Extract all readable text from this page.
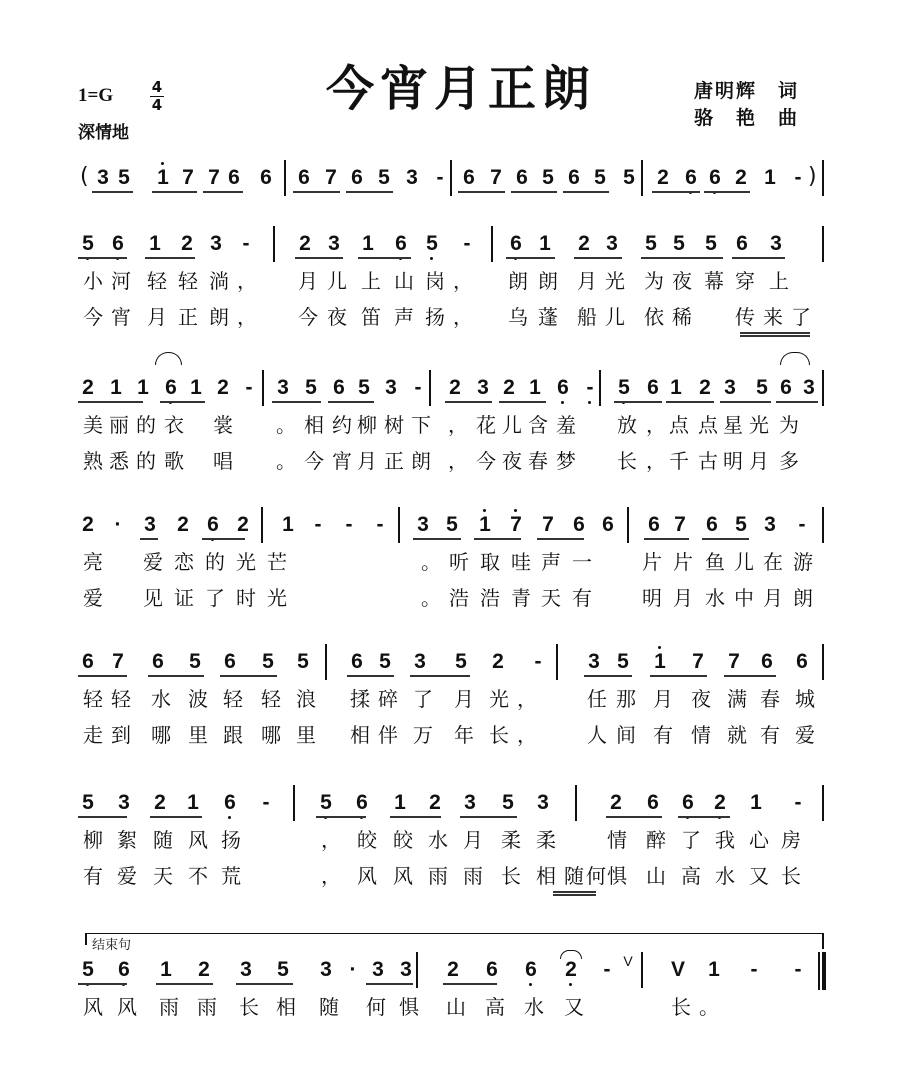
今宵月正朗
1=G	4
4
深情地
唐明辉　词
骆　艳　曲
3 5 1 7 7 6 6 6 7 6 5 3 - 6 7 6 5 6 5 5 2 6 6 2 1 -
(	)
5 6 1 2 3 - 2 3 1 6 5 - 6 1 2 3 5 5 5 6 3
小 河 轻 轻 淌 ， 月 儿 上 山 岗 ， 朗 朗 月 光 为 夜 幕 穿 上
今 宵 月 正 朗 ， 今 夜 笛 声 扬 ， 乌 蓬 船 儿 依 稀 传 来 了
2 1 1 6 1 2 - 3 5 6 5 3 - 2 3 2 1 6 - 5 6 1 2 3 5 6 3
美 丽 的 衣 裳 。 相 约 柳 树 下 ， 花 儿 含 羞 放 ， 点 点 星 光 为
熟 悉 的 歌 唱 。 今 宵 月 正 朗 ， 今 夜 春 梦 长 ， 千 古 明 月 多
2 · 3 2 6 2 1 - - - 3 5 1 7 7 6 6 6 7 6 5 3 -
亮 爱 恋 的 光 芒	。 听 取 哇 声 一	片 片 鱼 儿 在 游
爱 见 证 了 时 光	。 浩 浩 青 天 有	明 月 水 中 月 朗
6 7 6 5 6 5 5 6 5 3 5 2 - 3 5 1 7 7 6 6
轻 轻 水 波 轻 轻 浪 揉 碎 了 月 光 ，	任 那 月 夜 满 春 城
走 到 哪 里 跟 哪 里 相 伴 万 年 长 ，	人 间 有 情 就 有 爱
5 3 2 1 6 - 5 6 1 2 3 5 3	2 6 6 2 1 -
柳 絮 随 风 扬	， 皎 皎 水 月 柔 柔	情 醉 了 我 心 房
有 爱 天 不 荒	， 风 风 雨 雨 长 相 随 何 惧 山 高 水 又 长
5 6 1 2 3 5 3 · 3 3 2 6 6 2 -	V 1 - -
风 风 雨 雨 长 相 随 何 惧 山 高 水 又	长 。
V
结束句
